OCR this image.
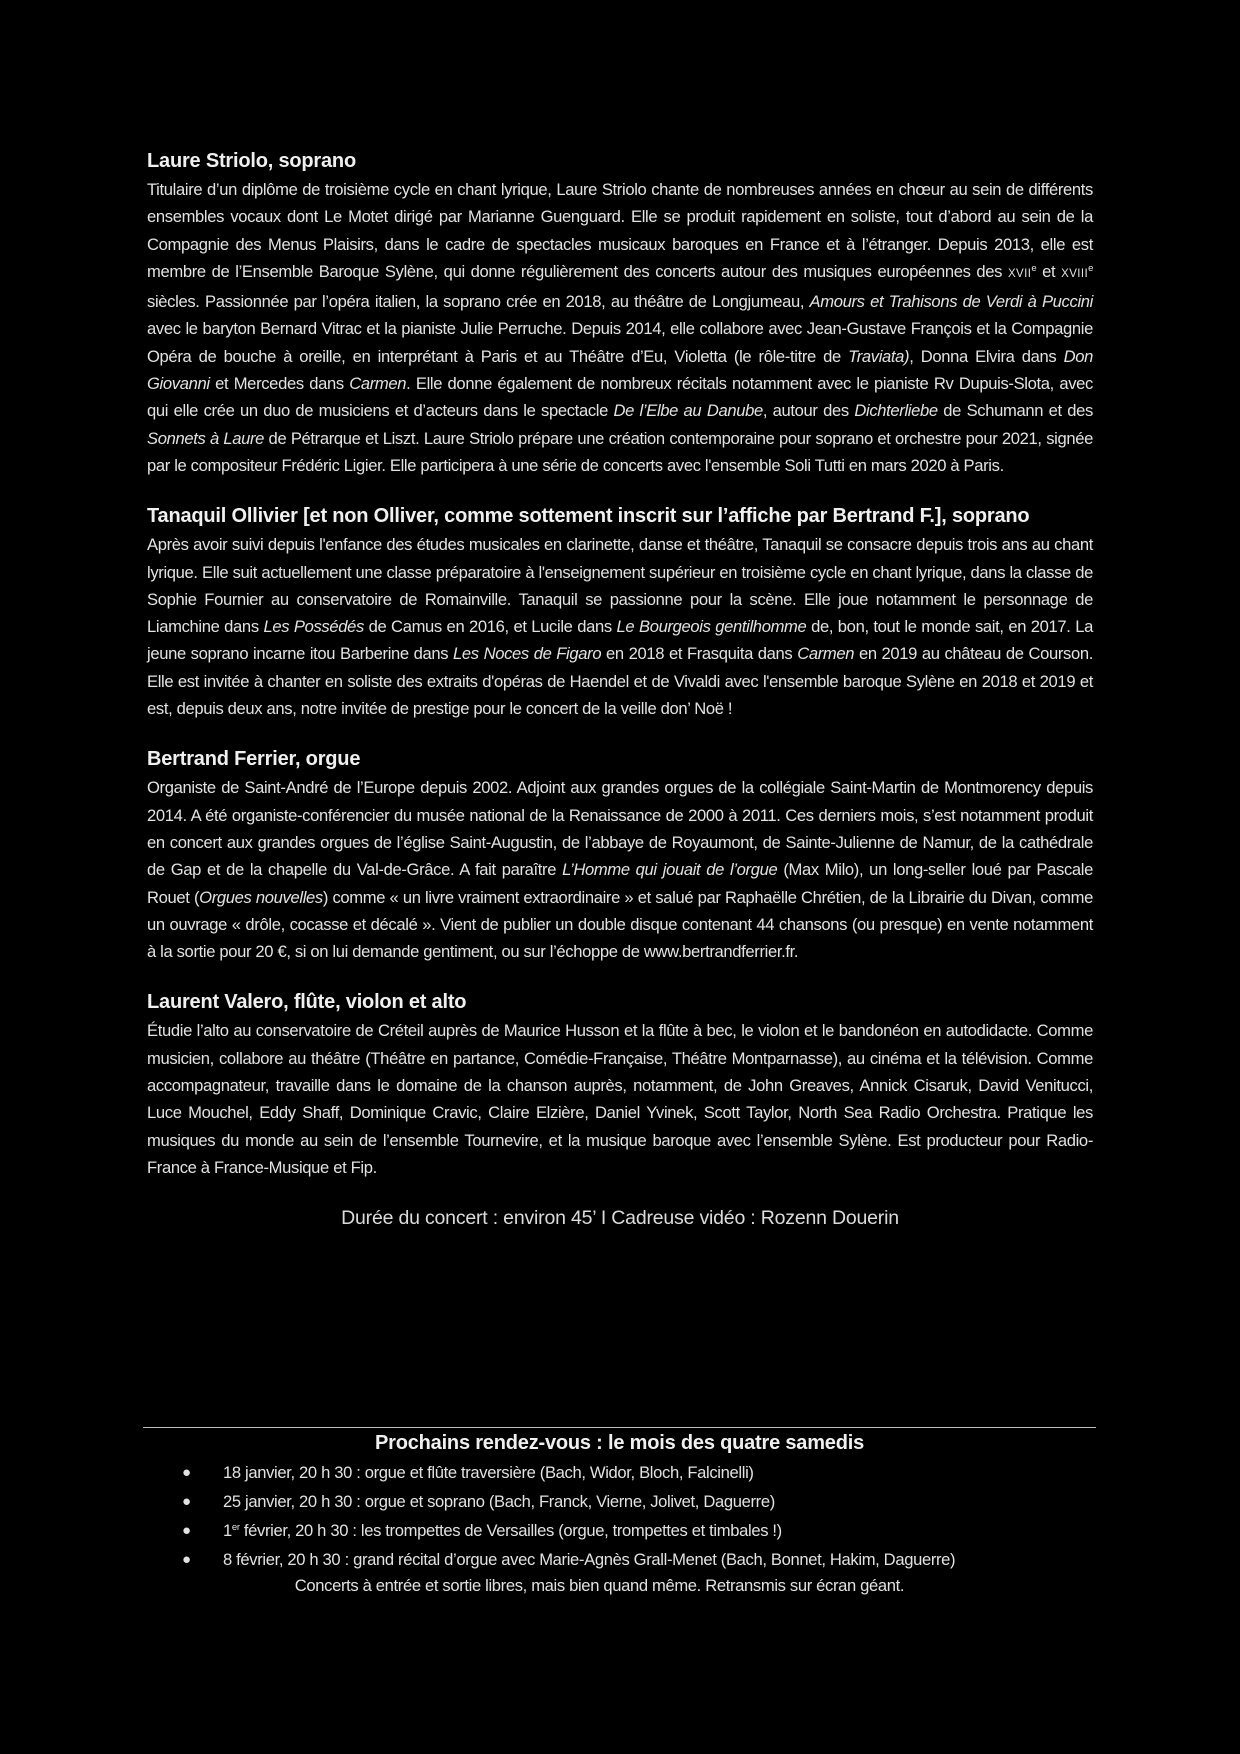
Laure Striolo, soprano

Titulaire d’un diplôme de troisième cycle en chant lyrique, Laure Striolo chante de nombreuses années en chœur au sein de différents ensembles vocaux dont Le Motet dirigé par Marianne Guenguard. Elle se produit rapidement en soliste, tout d’abord au sein de la Compagnie des Menus Plaisirs, dans le cadre de spectacles musicaux baroques en France et à l’étranger. Depuis 2013, elle est membre de l’Ensemble Baroque Sylène, qui donne régulièrement des concerts autour des musiques européennes des XVIIe et XVIIIe siècles. Passionnée par l’opéra italien, la soprano crée en 2018, au théâtre de Longjumeau, Amours et Trahisons de Verdi à Puccini avec le baryton Bernard Vitrac et la pianiste Julie Perruche. Depuis 2014, elle collabore avec Jean-Gustave François et la Compagnie Opéra de bouche à oreille, en interprétant à Paris et au Théâtre d’Eu, Violetta (le rôle-titre de Traviata), Donna Elvira dans Don Giovanni et Mercedes dans Carmen. Elle donne également de nombreux récitals notamment avec le pianiste Rv Dupuis-Slota, avec qui elle crée un duo de musiciens et d’acteurs dans le spectacle De l’Elbe au Danube, autour des Dichterliebe de Schumann et des Sonnets à Laure de Pétrarque et Liszt. Laure Striolo prépare une création contemporaine pour soprano et orchestre pour 2021, signée par le compositeur Frédéric Ligier. Elle participera à une série de concerts avec l'ensemble Soli Tutti en mars 2020 à Paris.

Tanaquil Ollivier [et non Olliver, comme sottement inscrit sur l’affiche par Bertrand F.], soprano

Après avoir suivi depuis l'enfance des études musicales en clarinette, danse et théâtre, Tanaquil se consacre depuis trois ans au chant lyrique. Elle suit actuellement une classe préparatoire à l'enseignement supérieur en troisième cycle en chant lyrique, dans la classe de Sophie Fournier au conservatoire de Romainville. Tanaquil se passionne pour la scène. Elle joue notamment le personnage de Liamchine dans Les Possédés de Camus en 2016, et Lucile dans Le Bourgeois gentilhomme de, bon, tout le monde sait, en 2017. La jeune soprano incarne itou Barberine dans Les Noces de Figaro en 2018 et Frasquita dans Carmen en 2019 au château de Courson. Elle est invitée à chanter en soliste des extraits d'opéras de Haendel et de Vivaldi avec l'ensemble baroque Sylène en 2018 et 2019 et est, depuis deux ans, notre invitée de prestige pour le concert de la veille don’ Noë !

Bertrand Ferrier, orgue

Organiste de Saint-André de l’Europe depuis 2002. Adjoint aux grandes orgues de la collégiale Saint-Martin de Montmorency depuis 2014. A été organiste-conférencier du musée national de la Renaissance de 2000 à 2011. Ces derniers mois, s’est notamment produit en concert aux grandes orgues de l’église Saint-Augustin, de l’abbaye de Royaumont, de Sainte-Julienne de Namur, de la cathédrale de Gap et de la chapelle du Val-de-Grâce. A fait paraître L’Homme qui jouait de l’orgue (Max Milo), un long-seller loué par Pascale Rouet (Orgues nouvelles) comme « un livre vraiment extraordinaire » et salué par Raphaëlle Chrétien, de la Librairie du Divan, comme un ouvrage « drôle, cocasse et décalé ». Vient de publier un double disque contenant 44 chansons (ou presque) en vente notamment à la sortie pour 20 €, si on lui demande gentiment, ou sur l’échoppe de www.bertrandferrier.fr.

Laurent Valero, flûte, violon et alto

Étudie l’alto au conservatoire de Créteil auprès de Maurice Husson et la flûte à bec, le violon et le bandonéon en autodidacte. Comme musicien, collabore au théâtre (Théâtre en partance, Comédie-Française, Théâtre Montparnasse), au cinéma et la télévision. Comme accompagnateur, travaille dans le domaine de la chanson auprès, notamment, de John Greaves, Annick Cisaruk, David Venitucci, Luce Mouchel, Eddy Shaff, Dominique Cravic, Claire Elzière, Daniel Yvinek, Scott Taylor, North Sea Radio Orchestra. Pratique les musiques du monde au sein de l’ensemble Tournevire, et la musique baroque avec l’ensemble Sylène. Est producteur pour Radio-France à France-Musique et Fip.

Durée du concert : environ 45’ I Cadreuse vidéo : Rozenn Douerin

Prochains rendez-vous : le mois des quatre samedis
● 18 janvier, 20 h 30 : orgue et flûte traversière (Bach, Widor, Bloch, Falcinelli)
● 25 janvier, 20 h 30 : orgue et soprano (Bach, Franck, Vierne, Jolivet, Daguerre)
● 1er février, 20 h 30 : les trompettes de Versailles (orgue, trompettes et timbales !)
● 8 février, 20 h 30 : grand récital d’orgue avec Marie-Agnès Grall-Menet (Bach, Bonnet, Hakim, Daguerre)

Concerts à entrée et sortie libres, mais bien quand même. Retransmis sur écran géant.
